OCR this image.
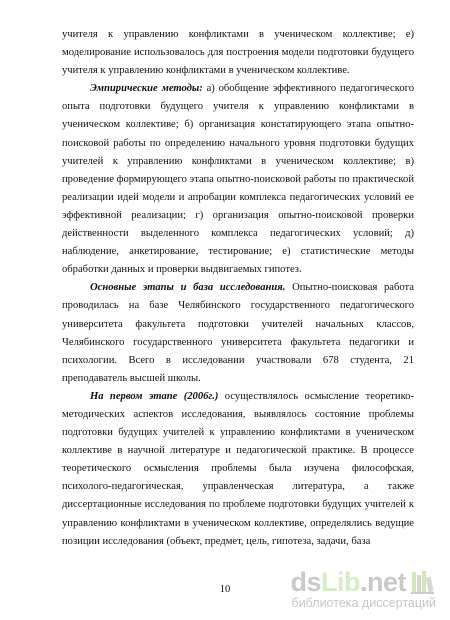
учителя к управлению конфликтами в ученическом коллективе; е) моделирование использовалось для построения модели подготовки будущего учителя к управлению конфликтами в ученическом коллективе.

Эмпирические методы: а) обобщение эффективного педагогического опыта подготовки будущего учителя к управлению конфликтами в ученическом коллективе; б) организация констатирующего этапа опытно-поисковой работы по определению начального уровня подготовки будущих учителей к управлению конфликтами в ученическом коллективе; в) проведение формирующего этапа опытно-поисковой работы по практической реализации идей модели и апробации комплекса педагогических условий ее эффективной реализации; г) организация опытно-поисковой проверки действенности выделенного комплекса педагогических условий; д) наблюдение, анкетирование, тестирование; е) статистические методы обработки данных и проверки выдвигаемых гипотез.

Основные этапы и база исследования. Опытно-поисковая работа проводилась на базе Челябинского государственного педагогического университета факультета подготовки учителей начальных классов, Челябинского государственного университета факультета педагогики и психологии. Всего в исследовании участвовали 678 студента, 21 преподаватель высшей школы.

На первом этапе (2006г.) осуществлялось осмысление теоретико-методических аспектов исследования, выявлялось состояние проблемы подготовки будущих учителей к управлению конфликтами в ученическом коллективе в научной литературе и педагогической практике. В процессе теоретического осмысления проблемы была изучена философская, психолого-педагогическая, управленческая литература, а также диссертационные исследования по проблеме подготовки будущих учителей к управлению конфликтами в ученическом коллективе, определялись ведущие позиции исследования (объект, предмет, цель, гипотеза, задачи, база

10	dsLib.net
библиотека диссертаций
